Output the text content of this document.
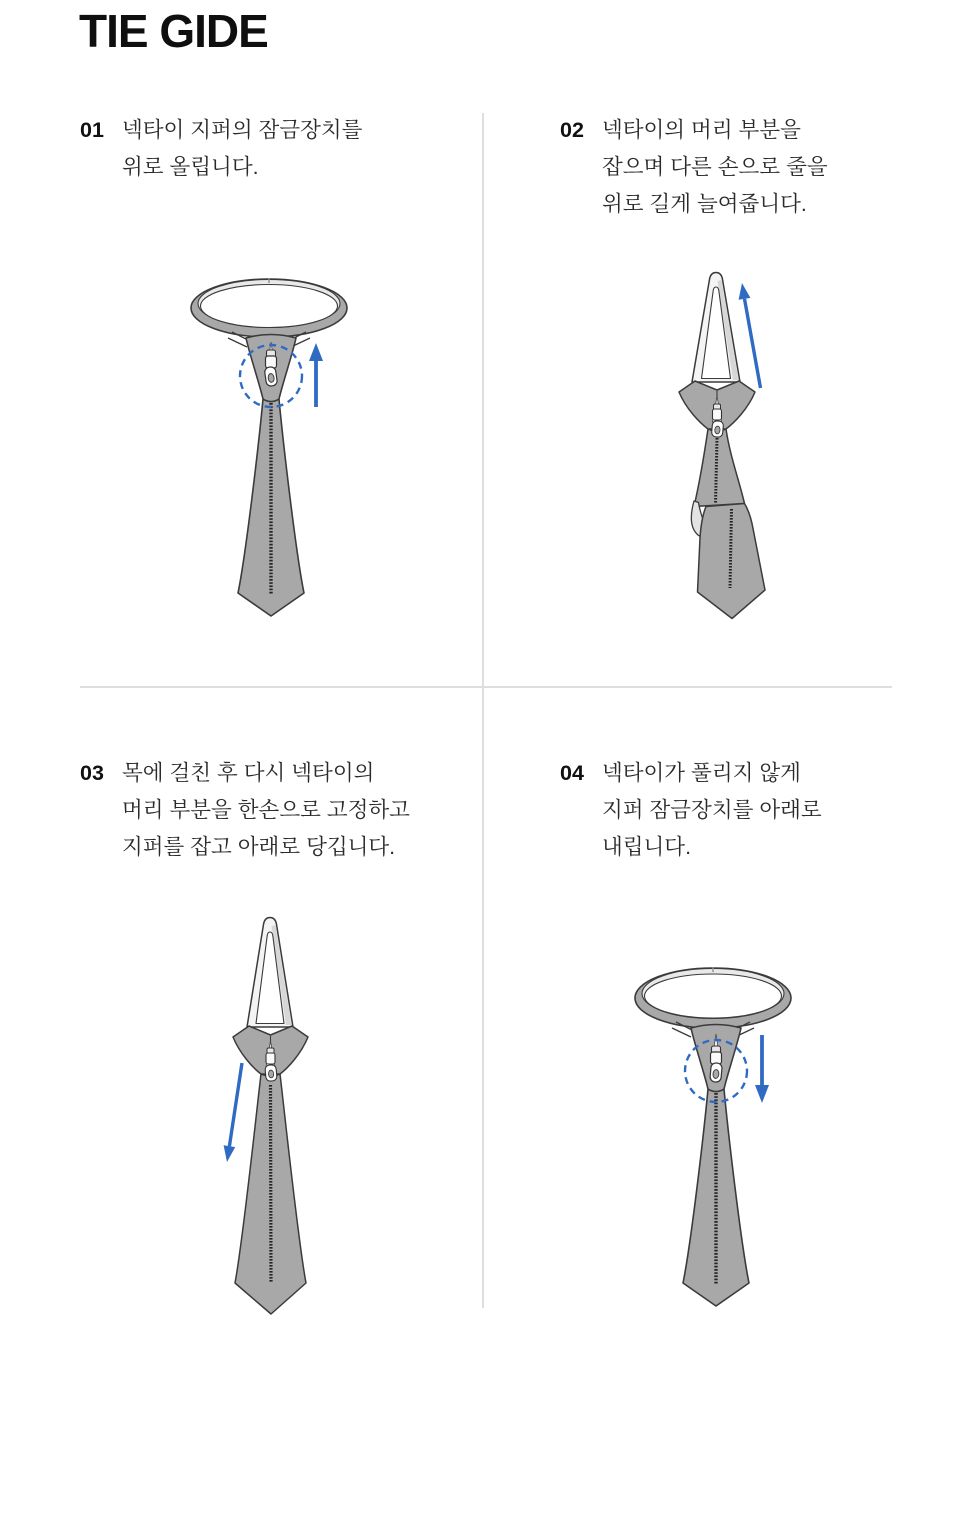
TIE GIDE
01 넥타이 지퍼의 잠금장치를
위로 올립니다.
02 넥타이의 머리 부분을
잡으며 다른 손으로 줄을
위로 길게 늘여줍니다.
03 목에 걸친 후 다시 넥타이의
머리 부분을 한손으로 고정하고
지퍼를 잡고 아래로 당깁니다.
04 넥타이가 풀리지 않게
지퍼 잠금장치를 아래로
내립니다.
